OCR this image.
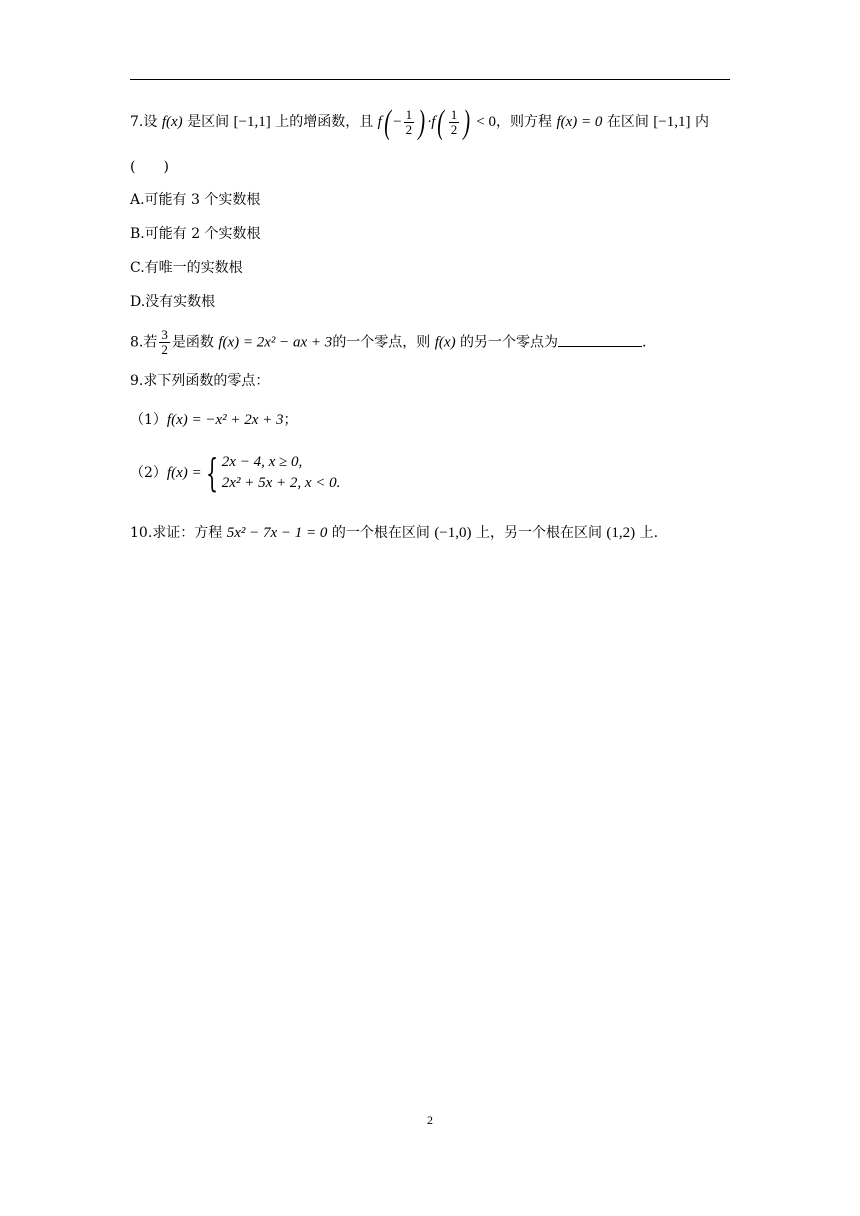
7.设 f(x) 是区间 [−1,1] 上的增函数，且 $f( - \frac{1}{2}$ ) $\cdot f( \frac{1}{2}$ ) < 0，则方程 f(x) = 0 在区间 [−1,1] 内
(　　)
A.可能有 3 个实数根
B.可能有 2 个实数根
C.有唯一的实数根
D.没有实数根
8.若 $\frac{3}{2}$ 是函数 f(x) = 2x² − ax + 3的一个零点，则 f(x) 的另一个零点为	.
9.求下列函数的零点：
（1）f(x) = −x² + 2x + 3；
（2）f(x) = { 2x − 4, x ≥ 0,
2x² + 5x + 2, x < 0.
10.求证：方程 5x² − 7x − 1 = 0 的一个根在区间 (−1,0) 上，另一个根在区间 (1,2) 上.
2
